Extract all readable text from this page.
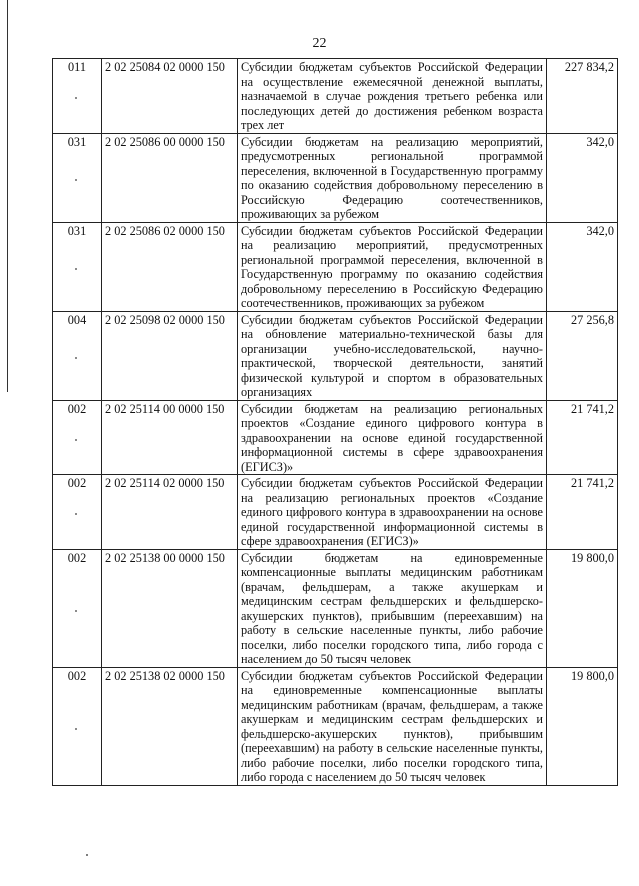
22
011	2 02 25084 02 0000 150	Субсидии бюджетам субъектов Российской Федерации на осуществление ежемесячной денежной выплаты, назначаемой в случае рождения третьего ребенка или последующих детей до достижения ребенком возраста трех лет	227 834,2
031	2 02 25086 00 0000 150	Субсидии бюджетам на реализацию мероприятий, предусмотренных региональной программой переселения, включенной в Государственную программу по оказанию содействия добровольному переселению в Российскую Федерацию соотечественников, проживающих за рубежом	342,0
031	2 02 25086 02 0000 150	Субсидии бюджетам субъектов Российской Федерации на реализацию мероприятий, предусмотренных региональной программой переселения, включенной в Государственную программу по оказанию содействия добровольному переселению в Российскую Федерацию соотечественников, проживающих за рубежом	342,0
004	2 02 25098 02 0000 150	Субсидии бюджетам субъектов Российской Федерации на обновление материально-технической базы для организации учебно-исследовательской, научно-практической, творческой деятельности, занятий физической культурой и спортом в образовательных организациях	27 256,8
002	2 02 25114 00 0000 150	Субсидии бюджетам на реализацию региональных проектов «Создание единого цифрового контура в здравоохранении на основе единой государственной информационной системы в сфере здравоохранения (ЕГИСЗ)»	21 741,2
002	2 02 25114 02 0000 150	Субсидии бюджетам субъектов Российской Федерации на реализацию региональных проектов «Создание единого цифрового контура в здравоохранении на основе единой государственной информационной системы в сфере здравоохранения (ЕГИСЗ)»	21 741,2
002	2 02 25138 00 0000 150	Субсидии бюджетам на единовременные компенсационные выплаты медицинским работникам (врачам, фельдшерам, а также акушеркам и медицинским сестрам фельдшерских и фельдшерско-акушерских пунктов), прибывшим (переехавшим) на работу в сельские населенные пункты, либо рабочие поселки, либо поселки городского типа, либо города с населением до 50 тысяч человек	19 800,0
002	2 02 25138 02 0000 150	Субсидии бюджетам субъектов Российской Федерации на единовременные компенсационные выплаты медицинским работникам (врачам, фельдшерам, а также акушеркам и медицинским сестрам фельдшерских и фельдшерско-акушерских пунктов), прибывшим (переехавшим) на работу в сельские населенные пункты, либо рабочие поселки, либо поселки городского типа, либо города с населением до 50 тысяч человек	19 800,0
